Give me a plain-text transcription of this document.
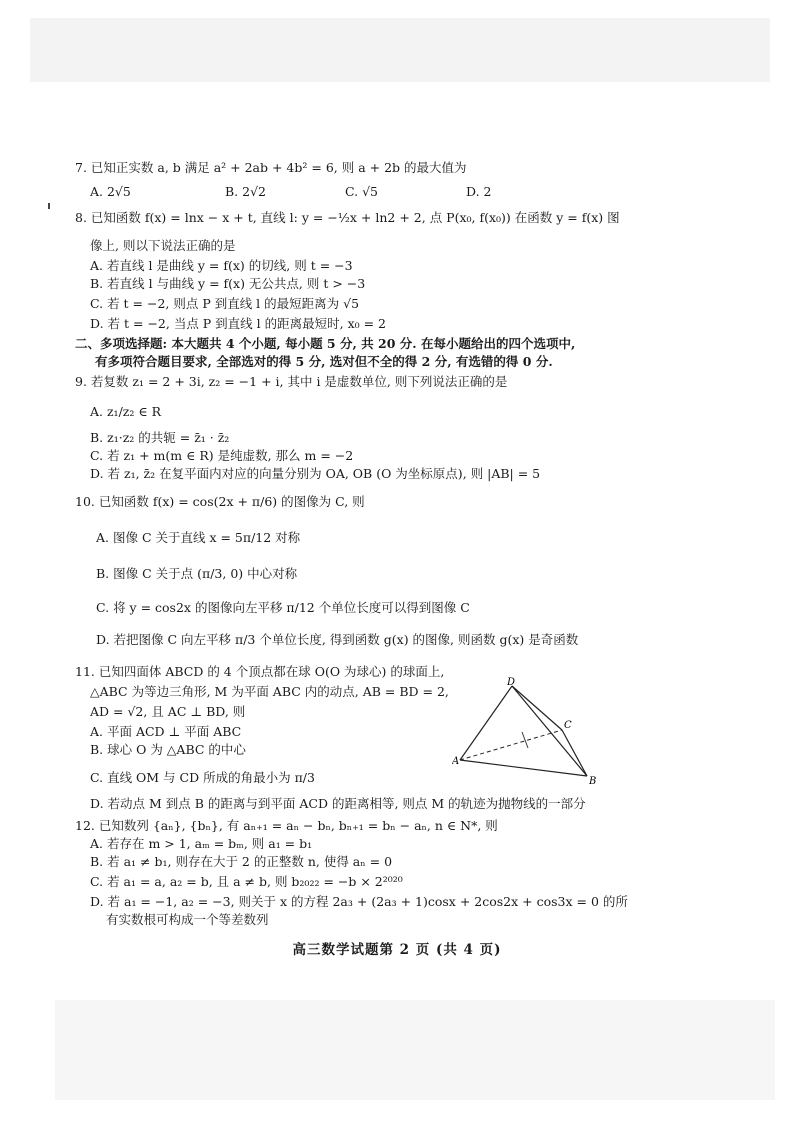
7. 已知正实数 a, b 满足 a² + 2ab + 4b² = 6, 则 a + 2b 的最大值为
A. 2√5	B. 2√2	C. √5	D. 2
8. 已知函数 f(x) = lnx − x + t, 直线 l: y = −½x + ln2 + 2, 点 P(x₀, f(x₀)) 在函数 y = f(x) 图
像上, 则以下说法正确的是
A. 若直线 l 是曲线 y = f(x) 的切线, 则 t = −3
B. 若直线 l 与曲线 y = f(x) 无公共点, 则 t > −3
C. 若 t = −2, 则点 P 到直线 l 的最短距离为 √5
D. 若 t = −2, 当点 P 到直线 l 的距离最短时, x₀ = 2
二、多项选择题: 本大题共 4 个小题, 每小题 5 分, 共 20 分. 在每小题给出的四个选项中,
有多项符合题目要求, 全部选对的得 5 分, 选对但不全的得 2 分, 有选错的得 0 分.
9. 若复数 z₁ = 2 + 3i, z₂ = −1 + i, 其中 i 是虚数单位, 则下列说法正确的是
A. z₁/z₂ ∈ R
B. z₁·z₂ 的共轭 = z̄₁ · z̄₂
C. 若 z₁ + m(m ∈ R) 是纯虚数, 那么 m = −2
D. 若 z₁, z̄₂ 在复平面内对应的向量分别为 OA, OB (O 为坐标原点), 则 |AB| = 5
10. 已知函数 f(x) = cos(2x + π/6) 的图像为 C, 则
A. 图像 C 关于直线 x = 5π/12 对称
B. 图像 C 关于点 (π/3, 0) 中心对称
C. 将 y = cos2x 的图像向左平移 π/12 个单位长度可以得到图像 C
D. 若把图像 C 向左平移 π/3 个单位长度, 得到函数 g(x) 的图像, 则函数 g(x) 是奇函数
11. 已知四面体 ABCD 的 4 个顶点都在球 O(O 为球心) 的球面上,
△ABC 为等边三角形, M 为平面 ABC 内的动点, AB = BD = 2,
AD = √2, 且 AC ⊥ BD, 则
A. 平面 ACD ⊥ 平面 ABC
B. 球心 O 为 △ABC 的中心
C. 直线 OM 与 CD 所成的角最小为 π/3
D. 若动点 M 到点 B 的距离与到平面 ACD 的距离相等, 则点 M 的轨迹为抛物线的一部分
A
B
C
D
12. 已知数列 {aₙ}, {bₙ}, 有 aₙ₊₁ = aₙ − bₙ, bₙ₊₁ = bₙ − aₙ, n ∈ N*, 则
A. 若存在 m > 1, aₘ = bₘ, 则 a₁ = b₁
B. 若 a₁ ≠ b₁, 则存在大于 2 的正整数 n, 使得 aₙ = 0
C. 若 a₁ = a, a₂ = b, 且 a ≠ b, 则 b₂₀₂₂ = −b × 2²⁰²⁰
D. 若 a₁ = −1, a₂ = −3, 则关于 x 的方程 2a₃ + (2a₃ + 1)cosx + 2cos2x + cos3x = 0 的所
有实数根可构成一个等差数列
高三数学试题第 2 页 (共 4 页)
